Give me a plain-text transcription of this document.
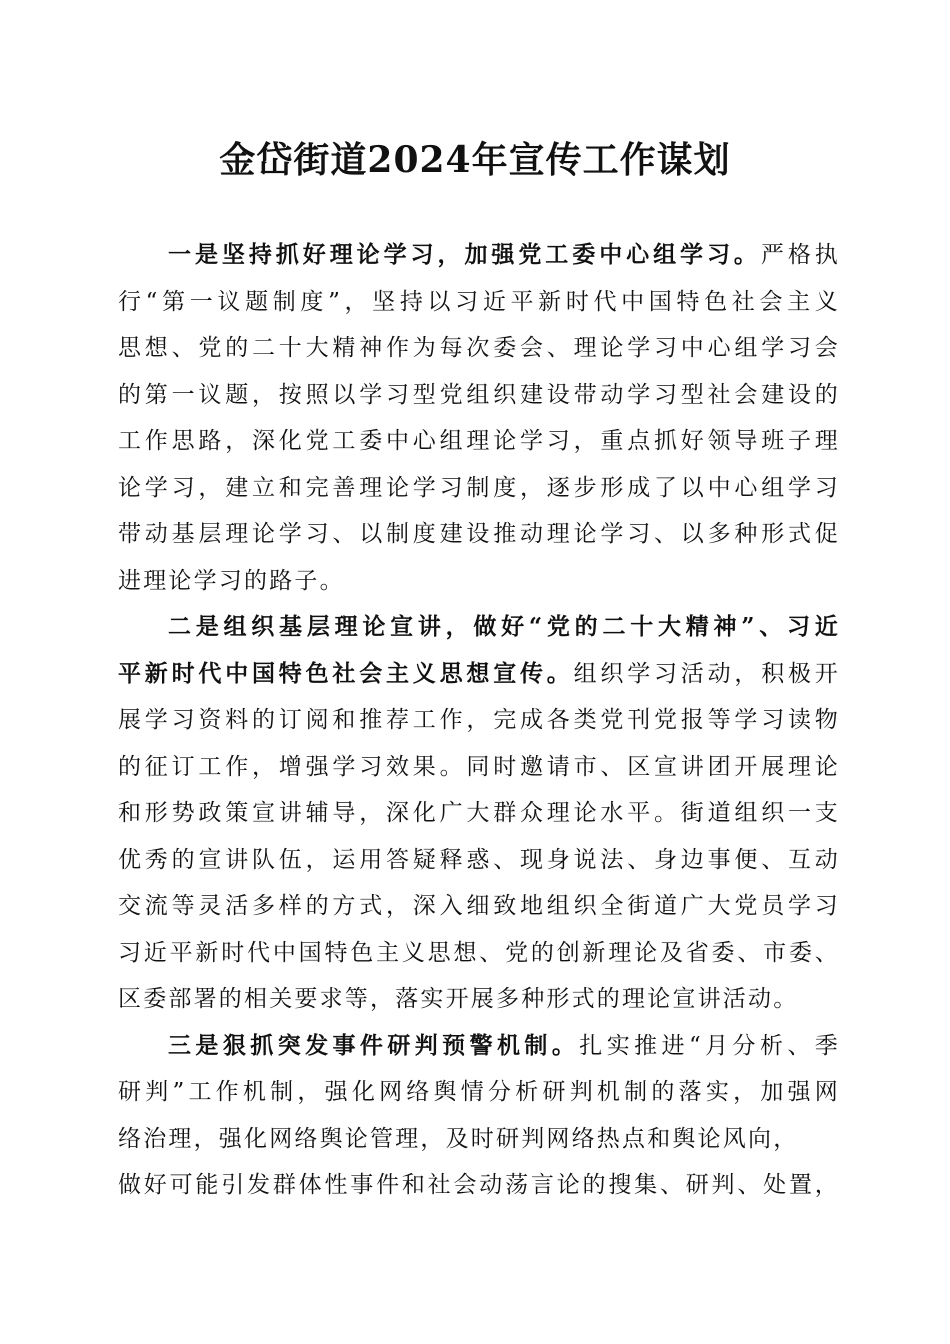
金岱街道2024年宣传工作谋划
一是坚持抓好理论学习，加强党工委中心组学习。严格执
行“第一议题制度”，坚持以习近平新时代中国特色社会主义
思想、党的二十大精神作为每次委会、理论学习中心组学习会
的第一议题，按照以学习型党组织建设带动学习型社会建设的
工作思路，深化党工委中心组理论学习，重点抓好领导班子理
论学习，建立和完善理论学习制度，逐步形成了以中心组学习
带动基层理论学习、以制度建设推动理论学习、以多种形式促
进理论学习的路子。
二是组织基层理论宣讲，做好“党的二十大精神”、习近
平新时代中国特色社会主义思想宣传。组织学习活动，积极开
展学习资料的订阅和推荐工作，完成各类党刊党报等学习读物
的征订工作，增强学习效果。同时邀请市、区宣讲团开展理论
和形势政策宣讲辅导，深化广大群众理论水平。街道组织一支
优秀的宣讲队伍，运用答疑释惑、现身说法、身边事便、互动
交流等灵活多样的方式，深入细致地组织全街道广大党员学习
习近平新时代中国特色主义思想、党的创新理论及省委、市委、
区委部署的相关要求等，落实开展多种形式的理论宣讲活动。
三是狠抓突发事件研判预警机制。扎实推进“月分析、季
研判”工作机制，强化网络舆情分析研判机制的落实，加强网
络治理，强化网络舆论管理，及时研判网络热点和舆论风向，
做好可能引发群体性事件和社会动荡言论的搜集、研判、处置，
